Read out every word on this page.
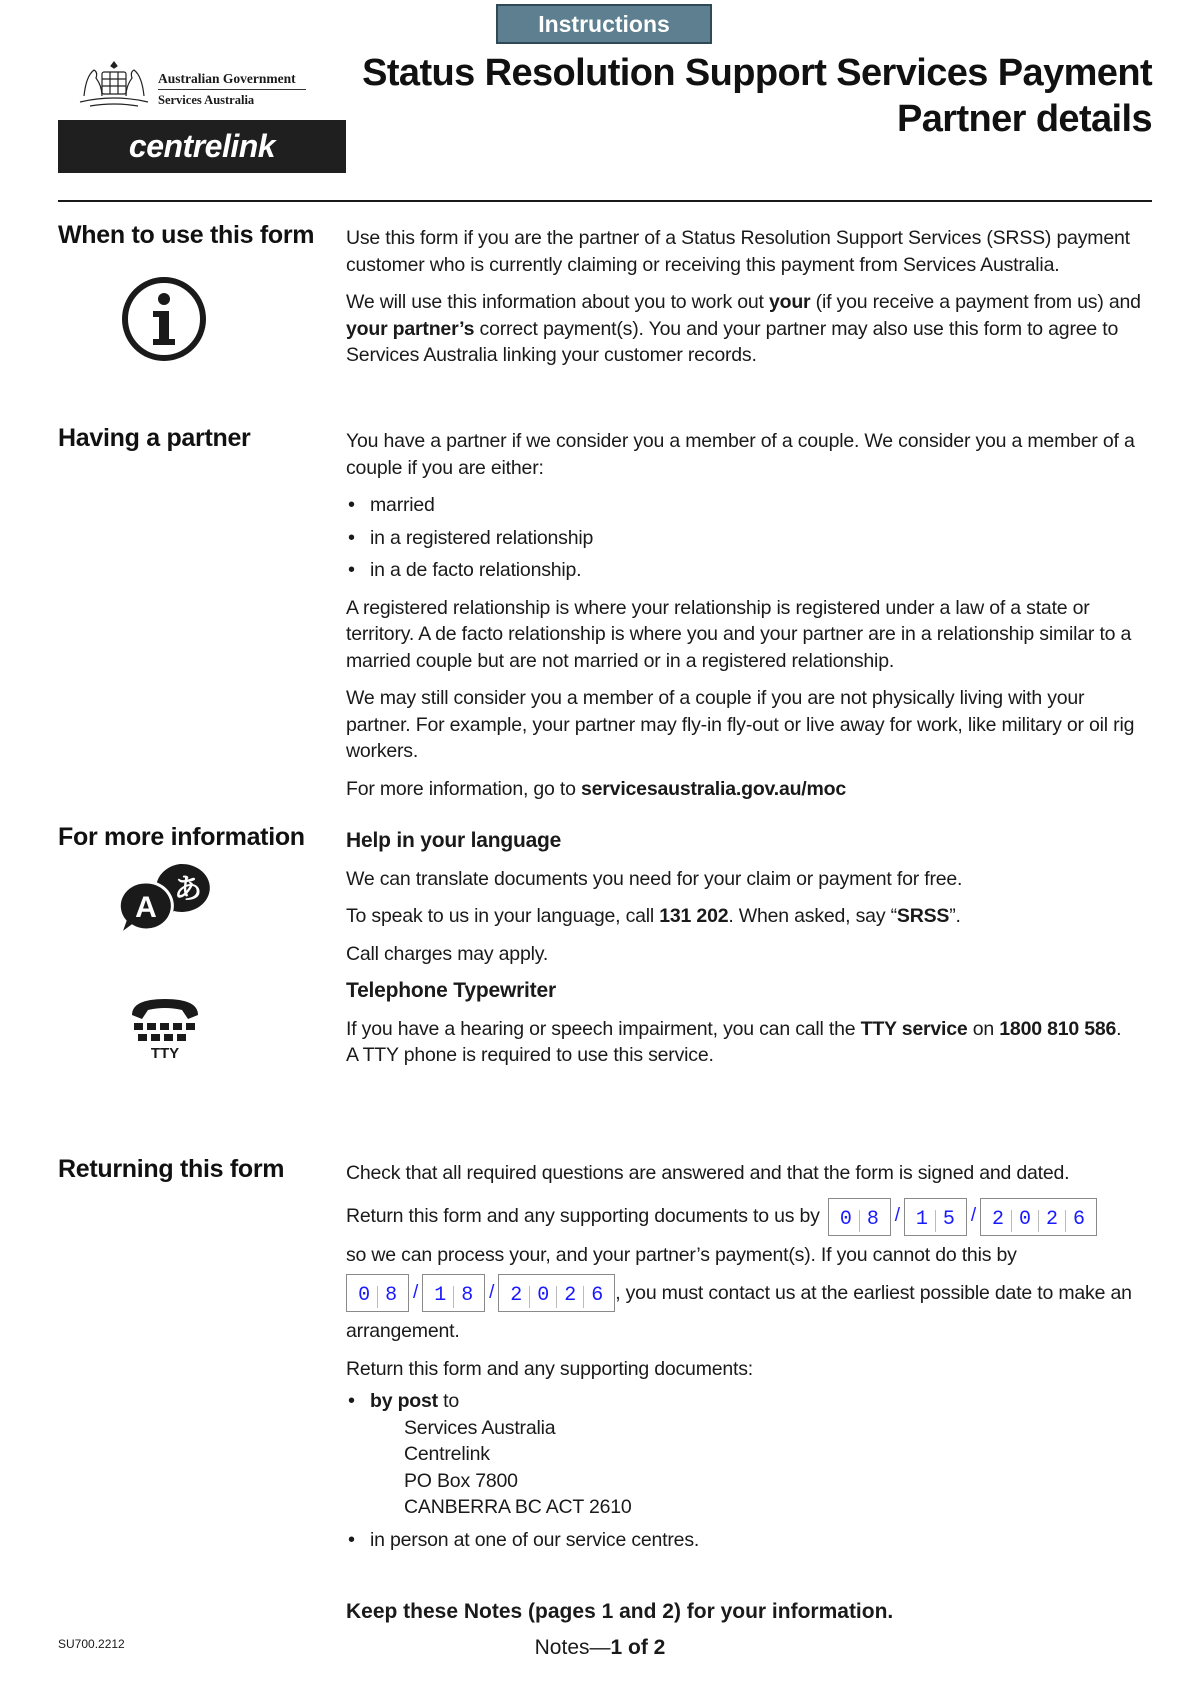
Instructions
Australian Government
Services Australia
centrelink
Status Resolution Support Services Payment
Partner details
When to use this form Use this form if you are the partner of a Status Resolution Support Services (SRSS) payment customer who is currently claiming or receiving this payment from Services Australia.

We will use this information about you to work out your (if you receive a payment from us) and your partner’s correct payment(s). You and your partner may also use this form to agree to Services Australia linking your customer records.

Having a partner	You have a partner if we consider you a member of a couple. We consider you a member of a couple if you are either:

• married
• in a registered relationship
• in a de facto relationship.

A registered relationship is where your relationship is registered under a law of a state or territory. A de facto relationship is where you and your partner are in a relationship similar to a married couple but are not married or in a registered relationship.

We may still consider you a member of a couple if you are not physically living with your partner. For example, your partner may fly-in fly-out or live away for work, like military or oil rig workers.

For more information, go to servicesaustralia.gov.au/moc

For more information
あ
A
TTY

Help in your language

We can translate documents you need for your claim or payment for free.

To speak to us in your language, call 131 202. When asked, say “SRSS”.

Call charges may apply.

Telephone Typewriter

If you have a hearing or speech impairment, you can call the TTY service on 1800 810 586.

A TTY phone is required to use this service.

Returning this form	Check that all required questions are answered and that the form is signed and dated.

Return this form and any supporting documents to us by	0 8 / 1 5 / 2 0 2 6

so we can process your, and your partner’s payment(s). If you cannot do this by

0 8 / 1 8 / 2 0 2 6 , you must contact us at the earliest possible date to make an

arrangement.

Return this form and any supporting documents:

• by post to
Services Australia
Centrelink
PO Box 7800
CANBERRA BC ACT 2610
• in person at one of our service centres.
Keep these Notes (pages 1 and 2) for your information.
SU700.2212	Notes—1 of 2
